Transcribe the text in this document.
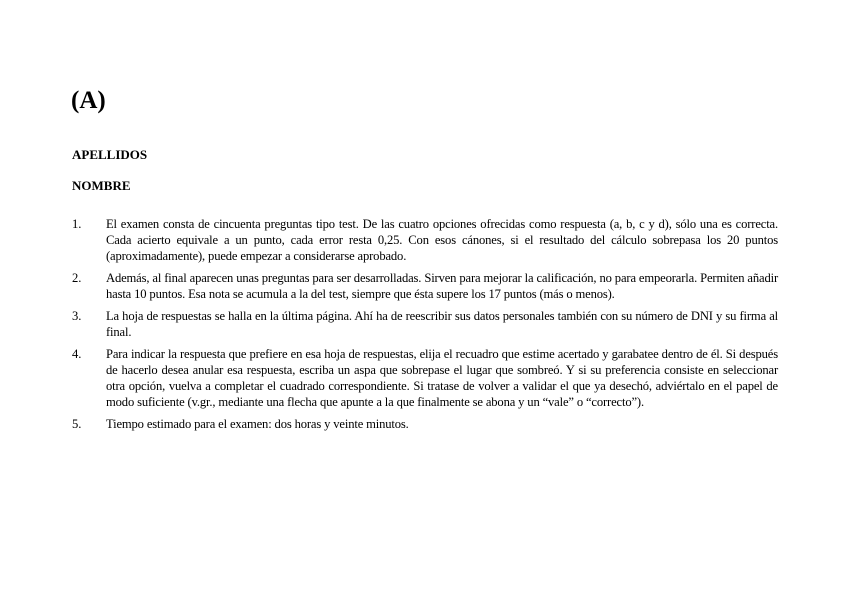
(A)
APELLIDOS
NOMBRE
1.	El examen consta de cincuenta preguntas tipo test. De las cuatro opciones ofrecidas como respuesta (a, b, c y d), sólo una es correcta. Cada acierto equivale a un punto, cada error resta 0,25. Con esos cánones, si el resultado del cálculo sobrepasa los 20 puntos (aproximadamente), puede empezar a considerarse aprobado.
2.	Además, al final aparecen unas preguntas para ser desarrolladas. Sirven para mejorar la calificación, no para empeorarla. Permiten añadir hasta 10 puntos. Esa nota se acumula a la del test, siempre que ésta supere los 17 puntos (más o menos).
3.	La hoja de respuestas se halla en la última página. Ahí ha de reescribir sus datos personales también con su número de DNI y su firma al final.
4.	Para indicar la respuesta que prefiere en esa hoja de respuestas, elija el recuadro que estime acertado y garabatee dentro de él. Si después de hacerlo desea anular esa respuesta, escriba un aspa que sobrepase el lugar que sombreó. Y si su preferencia consiste en seleccionar otra opción, vuelva a completar el cuadrado correspondiente. Si tratase de volver a validar el que ya desechó, adviértalo en el papel de modo suficiente (v.gr., mediante una flecha que apunte a la que finalmente se abona y un “vale” o “correcto”).
5.	Tiempo estimado para el examen: dos horas y veinte minutos.
